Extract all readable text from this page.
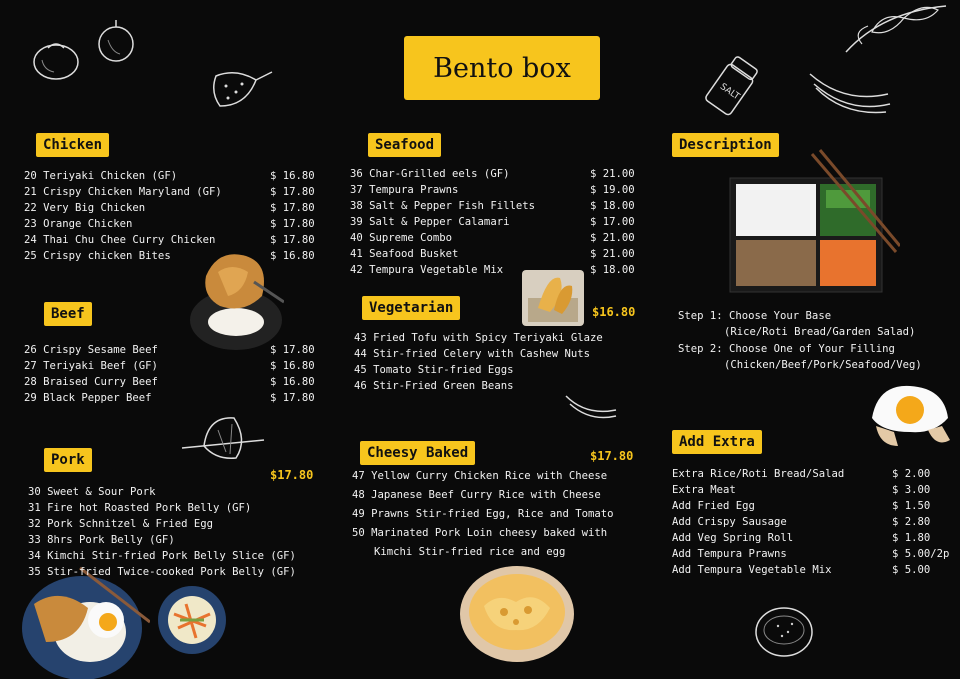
SALT
Bento box
Chicken
20 Teriyaki Chicken (GF)	$ 16.80
21 Crispy Chicken Maryland (GF)	$ 17.80
22 Very Big Chicken	$ 17.80
23 Orange Chicken	$ 17.80
24 Thai Chu Chee Curry Chicken	$ 17.80
25 Crispy chicken Bites	$ 16.80
Beef
26 Crispy Sesame Beef	$ 17.80
27 Teriyaki Beef (GF)	$ 16.80
28 Braised Curry Beef	$ 16.80
29 Black Pepper Beef	$ 17.80
Pork
$17.80
30 Sweet & Sour Pork
31 Fire hot Roasted Pork Belly (GF)
32 Pork Schnitzel & Fried Egg
33 8hrs Pork Belly (GF)
34 Kimchi Stir-fried Pork Belly Slice (GF)
35 Stir-fried Twice-cooked Pork Belly (GF)
Seafood
36 Char-Grilled eels (GF)	$ 21.00
37 Tempura Prawns	$ 19.00
38 Salt & Pepper Fish Fillets	$ 18.00
39 Salt & Pepper Calamari	$ 17.00
40 Supreme Combo	$ 21.00
41 Seafood Busket	$ 21.00
42 Tempura Vegetable Mix	$ 18.00
Vegetarian	$16.80
43 Fried Tofu with Spicy Teriyaki Glaze
44 Stir-fried Celery with Cashew Nuts
45 Tomato Stir-fried Eggs
46 Stir-Fried Green Beans
Cheesy Baked	$17.80
47 Yellow Curry Chicken Rice with Cheese
48 Japanese Beef Curry Rice with Cheese
49 Prawns Stir-fried Egg, Rice and Tomato
50 Marinated Pork Loin cheesy baked with
Kimchi Stir-fried rice and egg
Description
Step 1: Choose Your Base
(Rice/Roti Bread/Garden Salad)
Step 2: Choose One of Your Filling
(Chicken/Beef/Pork/Seafood/Veg)
Add Extra
Extra Rice/Roti Bread/Salad	$ 2.00
Extra Meat	$ 3.00
Add Fried Egg	$ 1.50
Add Crispy Sausage	$ 2.80
Add Veg Spring Roll	$ 1.80
Add Tempura Prawns	$ 5.00/2p
Add Tempura Vegetable Mix	$ 5.00
